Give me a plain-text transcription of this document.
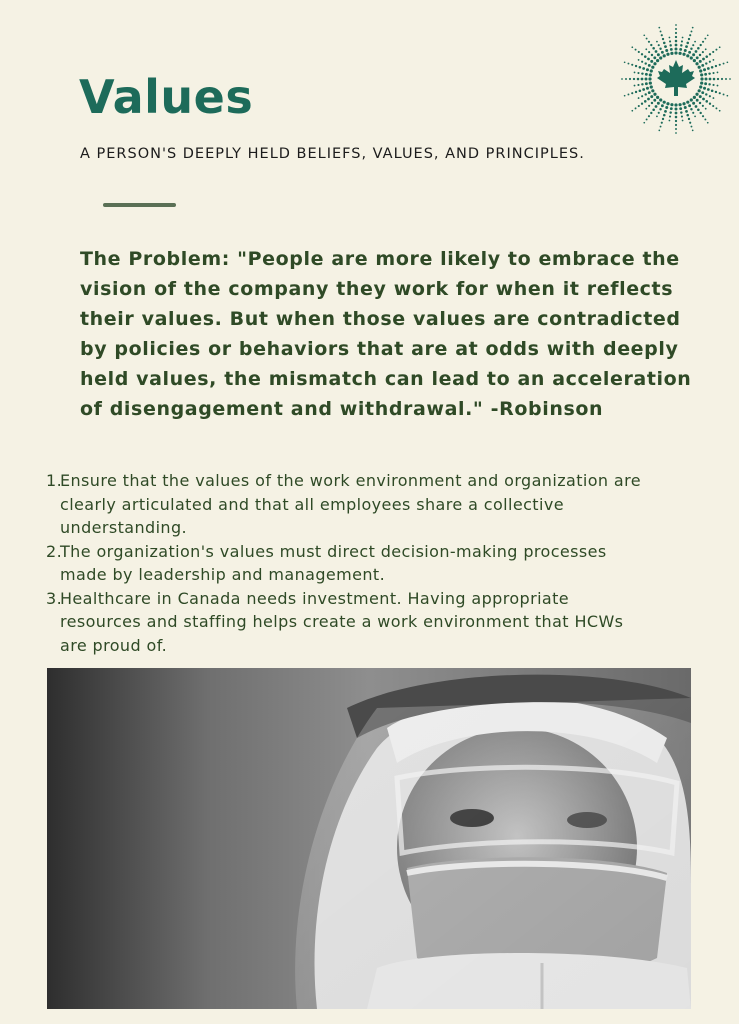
Values
A PERSON'S DEEPLY HELD BELIEFS, VALUES, AND PRINCIPLES.
The Problem: "People are more likely to embrace the
vision of the company they work for when it reflects
their values. But when those values are contradicted
by policies or behaviors that are at odds with deeply
held values, the mismatch can lead to an acceleration
of disengagement and withdrawal." -Robinson
1.
Ensure that the values of the work environment and organization are
clearly articulated and that all employees share a collective
understanding.
2.
The organization's values must direct decision-making processes
made by leadership and management.
3.
Healthcare in Canada needs investment. Having appropriate
resources and staffing helps create a work environment that HCWs
are proud of.
